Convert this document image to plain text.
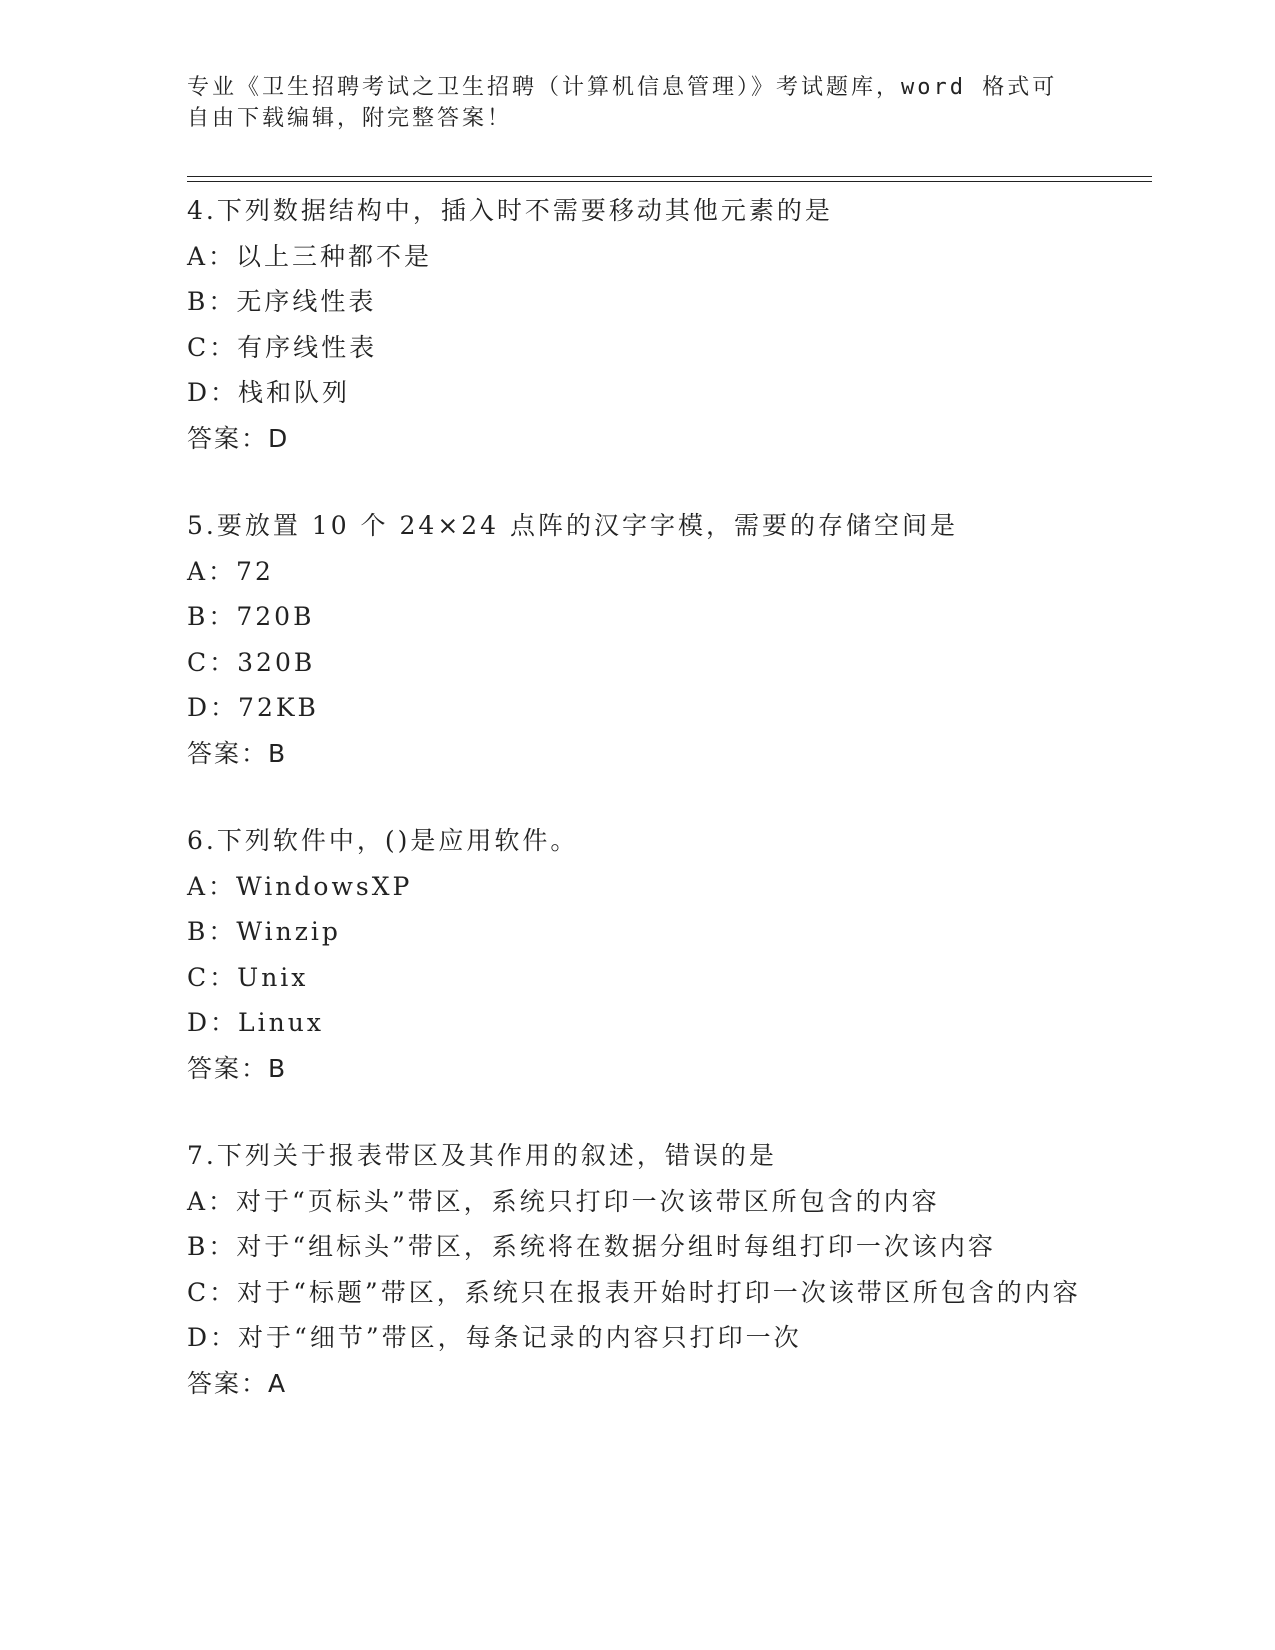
专业《卫生招聘考试之卫生招聘（计算机信息管理）》考试题库，word 格式可自由下载编辑，附完整答案！
4.下列数据结构中，插入时不需要移动其他元素的是
A：以上三种都不是
B：无序线性表
C：有序线性表
D：栈和队列
答案：D
5.要放置 10 个 24×24 点阵的汉字字模，需要的存储空间是
A：72
B：720B
C：320B
D：72KB
答案：B
6.下列软件中，()是应用软件。
A：WindowsXP
B：Winzip
C：Unix
D：Linux
答案：B
7.下列关于报表带区及其作用的叙述，错误的是
A：对于“页标头”带区，系统只打印一次该带区所包含的内容
B：对于“组标头”带区，系统将在数据分组时每组打印一次该内容
C：对于“标题”带区，系统只在报表开始时打印一次该带区所包含的内容
D：对于“细节”带区，每条记录的内容只打印一次
答案：A
